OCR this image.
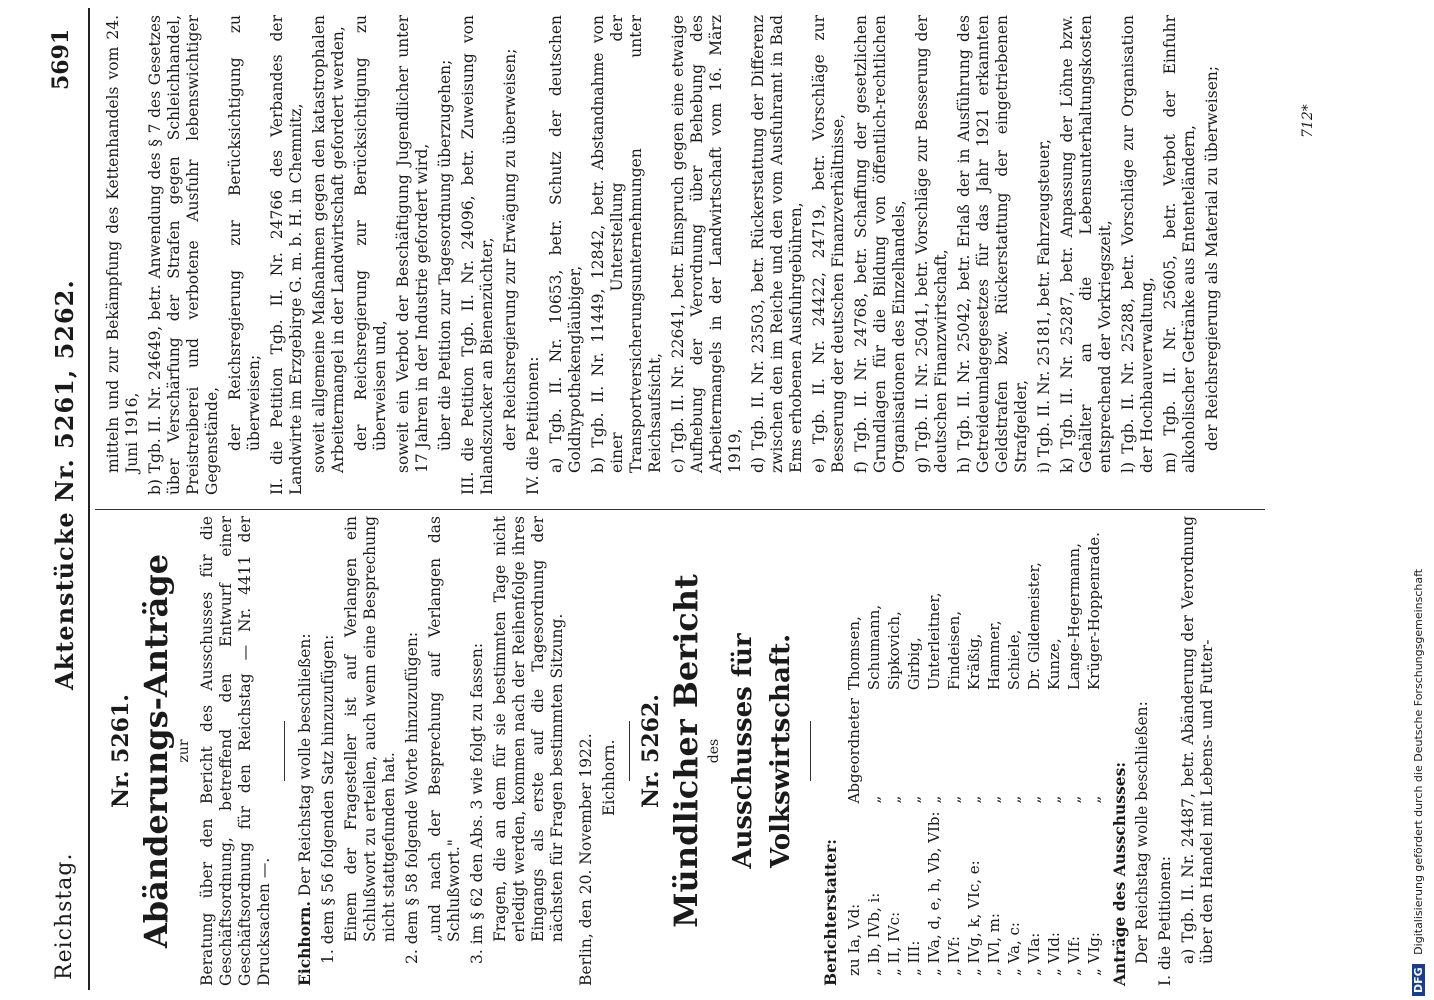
Reichstag.
Aktenstücke Nr. 5261, 5262.
5691
Nr. 5261. Abänderungs-Anträge zur Beratung über den Bericht des Ausschusses für die Geschäftsordnung, betreffend den Entwurf einer Geschäftsordnung für den Reichstag — Nr. 4411 der Drucksachen —. Eichhorn. Der Reichstag wolle beschließen: 1. dem § 56 folgenden Satz hinzuzufügen: Einem der Fragesteller ist auf Verlangen ein Schlußwort zu erteilen, auch wenn eine Besprechung nicht stattgefunden hat. 2. dem § 58 folgende Worte hinzuzufügen: „und nach der Besprechung auf Verlangen das Schlußwort." 3. im § 62 den Abs. 3 wie folgt zu fassen: Fragen, die an dem für sie bestimmten Tage nicht erledigt werden, kommen nach der Reihenfolge ihres Eingangs als erste auf die Tagesordnung der nächsten für Fragen bestimmten Sitzung. Berlin, den 20. November 1922. Eichhorn. Nr. 5262. Mündlicher Bericht des Ausschusses für Volkswirtschaft.
Berichterstatter: zu Ia, Vd:	Abgeordneter	Thomsen,
„ Ib, IVb, i:	„	Schumann,
„ II, IVc:	„	Sipkovich,
„ III:	„	Girbig,
„ IVa, d, e, h, Vb, VIb:	„	Unterleitner,
„ IVf:	„	Findeisen,
„ IVg, k, VIc, e:	„	Kräßig,
„ IVl, m:	„	Hammer,
„ Va, c:	„	Schiele,
„ VIa:	„	Dr. Gildemeister,
„ VId:	„	Kunze,
„ VIf:	„	Lange-Hegermann,
„ VIg:	„	Krüger-Hoppenrade.
Anträge des Ausschusses: Der Reichstag wolle beschließen: I. die Petitionen: a) Tgb. II. Nr. 24487, betr. Abänderung der Verordnung über den Handel mit Lebens- und Futter-
mitteln und zur Bekämpfung des Kettenhandels vom 24. Juni 1916, b) Tgb. II. Nr. 24649, betr. Anwendung des § 7 des Gesetzes über Verschärfung der Strafen gegen Schleichhandel, Preistreiberei und verbotene Ausfuhr lebenswichtiger Gegenstände, der Reichsregierung zur Berücksichtigung zu überweisen; II. die Petition Tgb. II. Nr. 24766 des Verbandes der Landwirte im Erzgebirge G. m. b. H. in Chemnitz, soweit allgemeine Maßnahmen gegen den katastrophalen Arbeitermangel in der Landwirtschaft gefordert werden, der Reichsregierung zur Berücksichtigung zu überweisen und, soweit ein Verbot der Beschäftigung Jugendlicher unter 17 Jahren in der Industrie gefordert wird, über die Petition zur Tagesordnung überzugehen; III. die Petition Tgb. II. Nr. 24096, betr. Zuweisung von Inlandszucker an Bienenzüchter, der Reichsregierung zur Erwägung zu überweisen; IV. die Petitionen: a) Tgb. II. Nr. 10653, betr. Schutz der deutschen Goldhypothekengläubiger, b) Tgb. II. Nr. 11449, 12842, betr. Abstandnahme von einer Unterstellung der Transportversicherungsunternehmungen unter Reichsaufsicht, c) Tgb. II. Nr. 22641, betr. Einspruch gegen eine etwaige Aufhebung der Verordnung über Behebung des Arbeitermangels in der Landwirtschaft vom 16. März 1919, d) Tgb. II. Nr. 23503, betr. Rückerstattung der Differenz zwischen den im Reiche und den vom Ausfuhramt in Bad Ems erhobenen Ausfuhrgebühren, e) Tgb. II. Nr. 24422, 24719, betr. Vorschläge zur Besserung der deutschen Finanzverhältnisse, f) Tgb. II. Nr. 24768, betr. Schaffung der gesetzlichen Grundlagen für die Bildung von öffentlich-rechtlichen Organisationen des Einzelhandels, g) Tgb. II. Nr. 25041, betr. Vorschläge zur Besserung der deutschen Finanzwirtschaft, h) Tgb. II. Nr. 25042, betr. Erlaß der in Ausführung des Getreideumlagegesetzes für das Jahr 1921 erkannten Geldstrafen bzw. Rückerstattung der eingetriebenen Strafgelder, i) Tgb. II. Nr. 25181, betr. Fahrzeugsteuer, k) Tgb. II. Nr. 25287, betr. Anpassung der Löhne bzw. Gehälter an die Lebensunterhaltungskosten entsprechend der Vorkriegszeit, l) Tgb. II. Nr. 25288, betr. Vorschläge zur Organisation der Hochbauverwaltung, m) Tgb. II. Nr. 25605, betr. Verbot der Einfuhr alkoholischer Getränke aus Ententeländern, der Reichsregierung als Material zu überweisen;	712*
DFG Digitalisierung gefördert durch die Deutsche Forschungsgemeinschaft
